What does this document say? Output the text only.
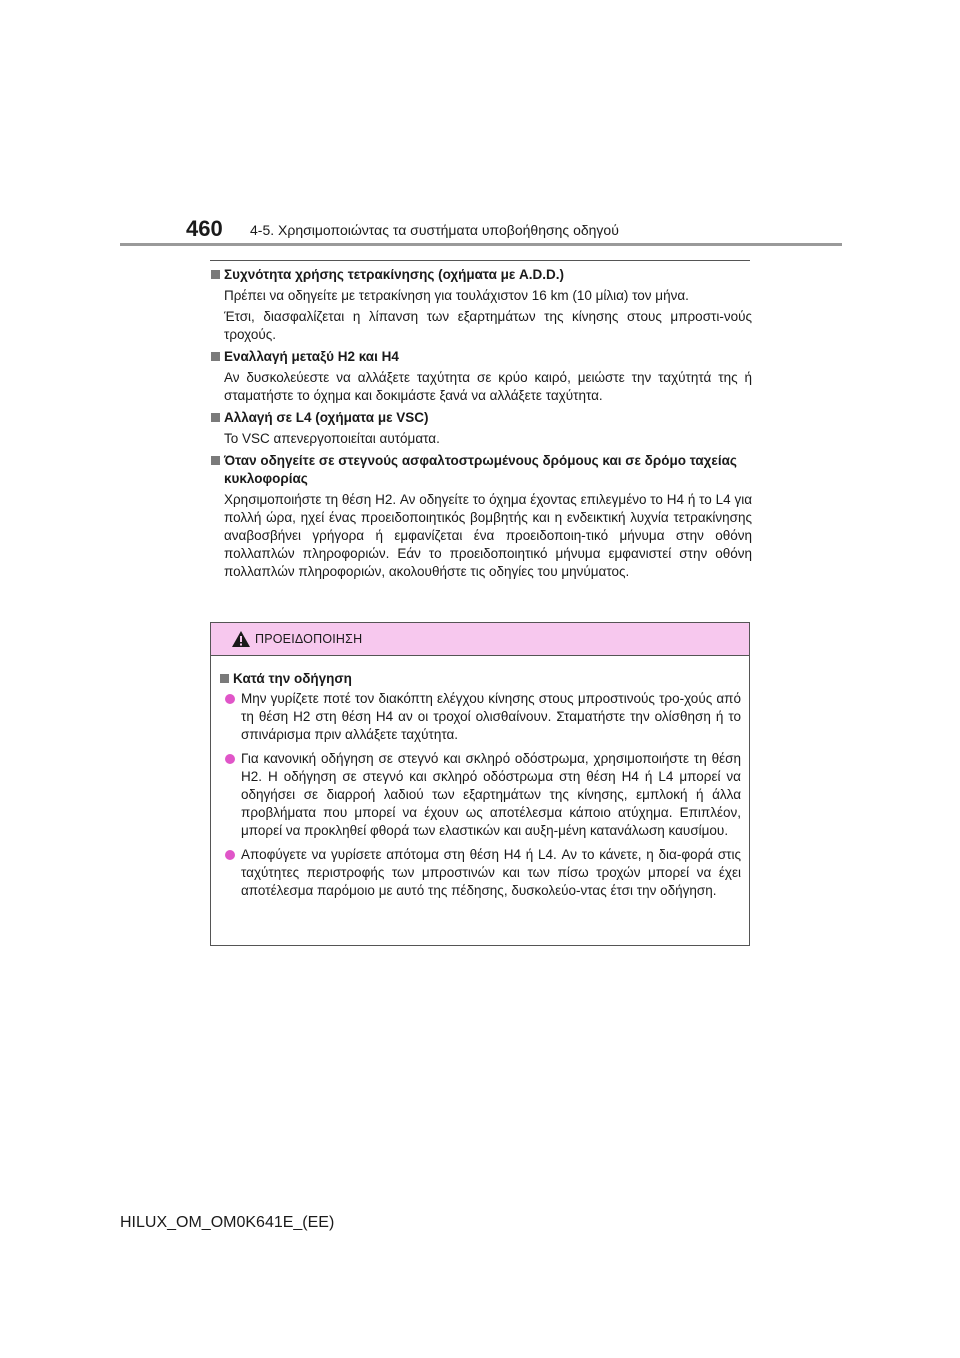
460 4-5. Χρησιμοποιώντας τα συστήματα υποβοήθησης οδηγού
Συχνότητα χρήσης τετρακίνησης (οχήματα με A.D.D.)

Πρέπει να οδηγείτε με τετρακίνηση για τουλάχιστον 16 km (10 μίλια) τον μήνα.

Έτσι, διασφαλίζεται η λίπανση των εξαρτημάτων της κίνησης στους μπροστι-νούς τροχούς.

Εναλλαγή μεταξύ H2 και H4

Αν δυσκολεύεστε να αλλάξετε ταχύτητα σε κρύο καιρό, μειώστε την ταχύτητά της ή σταματήστε το όχημα και δοκιμάστε ξανά να αλλάξετε ταχύτητα.

Αλλαγή σε L4 (οχήματα με VSC)

Το VSC απενεργοποιείται αυτόματα.

Όταν οδηγείτε σε στεγνούς ασφαλτοστρωμένους δρόμους και σε δρόμο ταχείας κυκλοφορίας

Χρησιμοποιήστε τη θέση H2. Αν οδηγείτε το όχημα έχοντας επιλεγμένο το H4 ή το L4 για πολλή ώρα, ηχεί ένας προειδοποιητικός βομβητής και η ενδεικτική λυχνία τετρακίνησης αναβοσβήνει γρήγορα ή εμφανίζεται ένα προειδοποιη-τικό μήνυμα στην οθόνη πολλαπλών πληροφοριών. Εάν το προειδοποιητικό μήνυμα εμφανιστεί στην οθόνη πολλαπλών πληροφοριών, ακολουθήστε τις οδηγίες του μηνύματος.

ΠΡΟΕΙΔΟΠΟΙΗΣΗ
Κατά την οδήγηση
Μην γυρίζετε ποτέ τον διακόπτη ελέγχου κίνησης στους μπροστινούς τρο-χούς από τη θέση H2 στη θέση H4 αν οι τροχοί ολισθαίνουν. Σταματήστε την ολίσθηση ή το σπινάρισμα πριν αλλάξετε ταχύτητα.
Για κανονική οδήγηση σε στεγνό και σκληρό οδόστρωμα, χρησιμοποιήστε τη θέση H2. Η οδήγηση σε στεγνό και σκληρό οδόστρωμα στη θέση H4 ή L4 μπορεί να οδηγήσει σε διαρροή λαδιού των εξαρτημάτων της κίνησης, εμπλοκή ή άλλα προβλήματα που μπορεί να έχουν ως αποτέλεσμα κάποιο ατύχημα. Επιπλέον, μπορεί να προκληθεί φθορά των ελαστικών και αυξη-μένη κατανάλωση καυσίμου.
Αποφύγετε να γυρίσετε απότομα στη θέση H4 ή L4. Αν το κάνετε, η δια-φορά στις ταχύτητες περιστροφής των μπροστινών και των πίσω τροχών μπορεί να έχει αποτέλεσμα παρόμοιο με αυτό της πέδησης, δυσκολεύο-ντας έτσι την οδήγηση.
HILUX_OM_OM0K641E_(EE)
